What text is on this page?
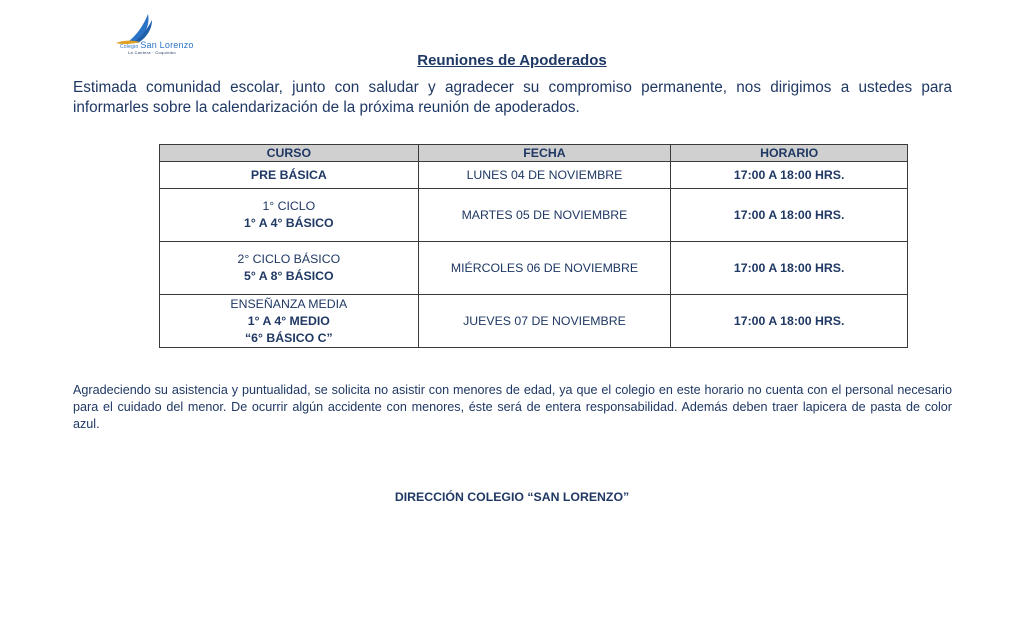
Colegio San Lorenzo
La Cantera · Coquimbo	Reuniones de Apoderados
Estimada comunidad escolar, junto con saludar y agradecer su compromiso permanente, nos dirigimos a ustedes para informarles sobre la calendarización de la próxima reunión de apoderados.
CURSO	FECHA	HORARIO
PRE BÁSICA	LUNES 04 DE NOVIEMBRE	17:00 A 18:00 HRS.

1° CICLO
1° A 4° BÁSICO	MARTES 05 DE NOVIEMBRE	17:00 A 18:00 HRS.

2° CICLO BÁSICO
5° A 8° BÁSICO	MIÉRCOLES 06 DE NOVIEMBRE	17:00 A 18:00 HRS.

ENSEÑANZA MEDIA
1° A 4° MEDIO
“6° BÁSICO C”	JUEVES 07 DE NOVIEMBRE	17:00 A 18:00 HRS.
Agradeciendo su asistencia y puntualidad, se solicita no asistir con menores de edad, ya que el colegio en este horario no cuenta con el personal necesario para el cuidado del menor. De ocurrir algún accidente con menores, éste será de entera responsabilidad. Además deben traer lapicera de pasta de color azul.
DIRECCIÓN COLEGIO “SAN LORENZO”
